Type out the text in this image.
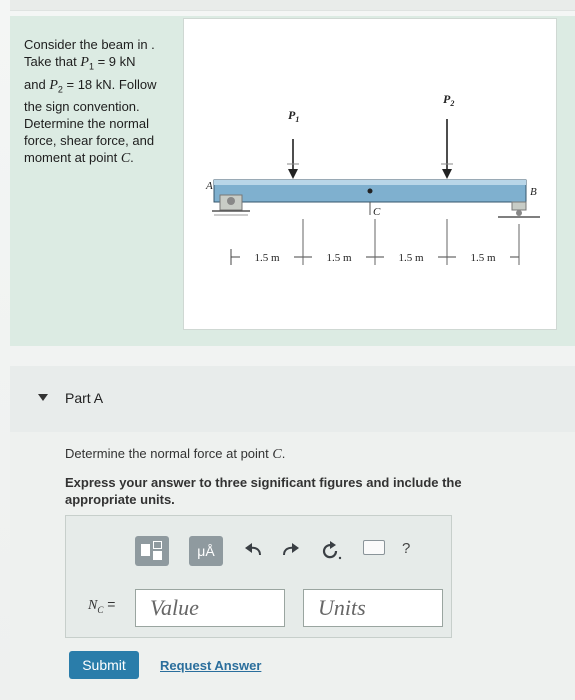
Consider the beam in .
Take that $P_1 = 9$ kN
and $P_2 = 18$ kN. Follow
the sign convention.
Determine the normal
force, shear force, and
moment at point C.
A	B
C
$P_1$
$P_2$
1.5 m	1.5 m	1.5 m	1.5 m
Part A
Determine the normal force at point C.
Express your answer to three significant figures and include the appropriate units.
μÅ	?
$N_C$ =	Value	Units
Submit	Request Answer
